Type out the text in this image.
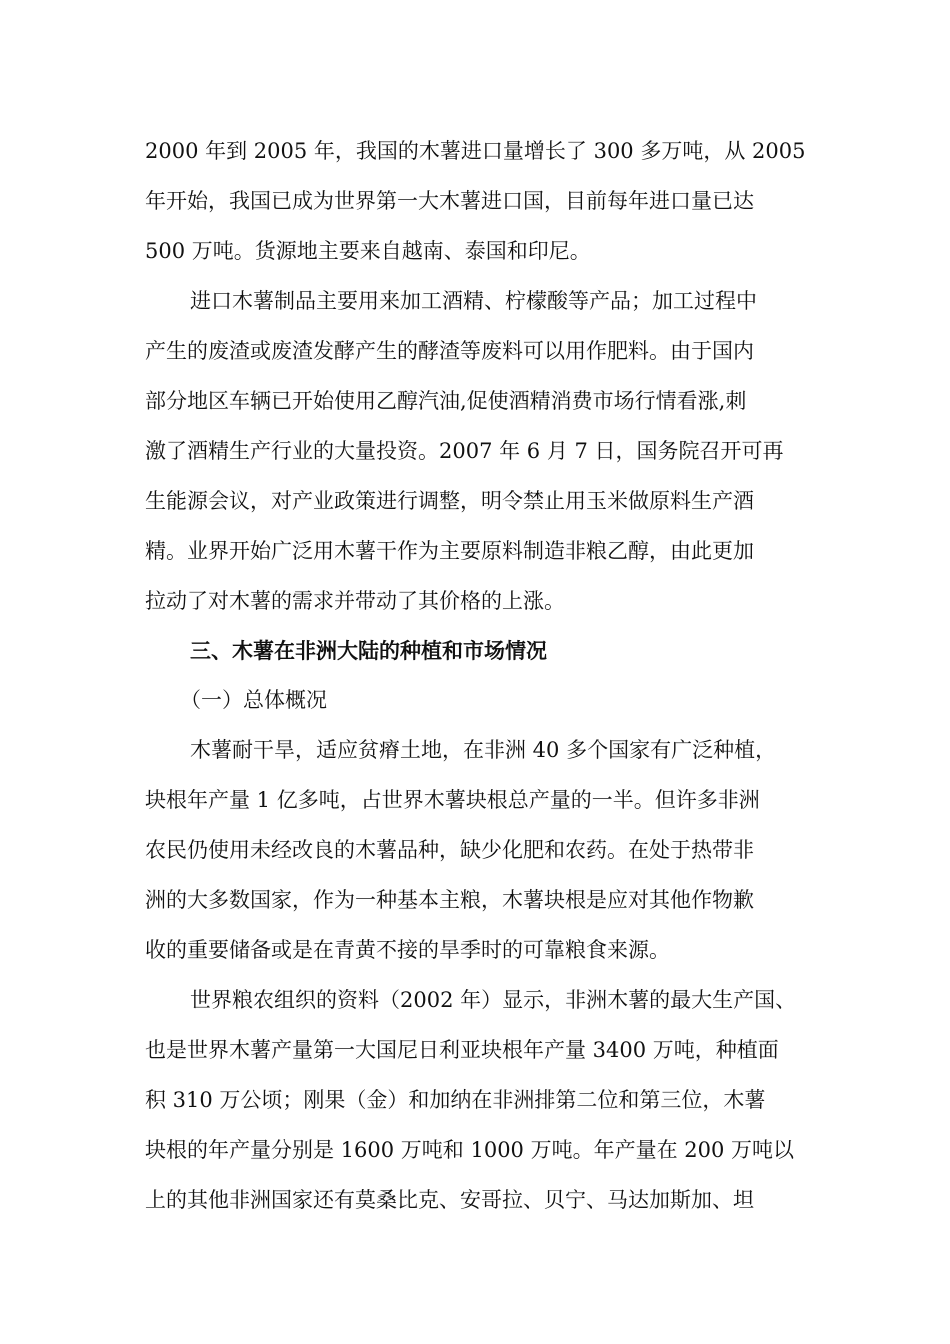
2000 年到 2005 年，我国的木薯进口量增长了 300 多万吨，从 2005
年开始，我国已成为世界第一大木薯进口国，目前每年进口量已达
500 万吨。货源地主要来自越南、泰国和印尼。
进口木薯制品主要用来加工酒精、柠檬酸等产品；加工过程中
产生的废渣或废渣发酵产生的酵渣等废料可以用作肥料。由于国内
部分地区车辆已开始使用乙醇汽油,促使酒精消费市场行情看涨,刺
激了酒精生产行业的大量投资。2007 年 6 月 7 日，国务院召开可再
生能源会议，对产业政策进行调整，明令禁止用玉米做原料生产酒
精。业界开始广泛用木薯干作为主要原料制造非粮乙醇，由此更加
拉动了对木薯的需求并带动了其价格的上涨。
三、木薯在非洲大陆的种植和市场情况
（一）总体概况
木薯耐干旱，适应贫瘠土地，在非洲 40 多个国家有广泛种植，
块根年产量 1 亿多吨，占世界木薯块根总产量的一半。但许多非洲
农民仍使用未经改良的木薯品种，缺少化肥和农药。在处于热带非
洲的大多数国家，作为一种基本主粮，木薯块根是应对其他作物歉
收的重要储备或是在青黄不接的旱季时的可靠粮食来源。
世界粮农组织的资料（2002 年）显示，非洲木薯的最大生产国、
也是世界木薯产量第一大国尼日利亚块根年产量 3400 万吨，种植面
积 310 万公顷；刚果（金）和加纳在非洲排第二位和第三位，木薯
块根的年产量分别是 1600 万吨和 1000 万吨。年产量在 200 万吨以
上的其他非洲国家还有莫桑比克、安哥拉、贝宁、马达加斯加、坦
